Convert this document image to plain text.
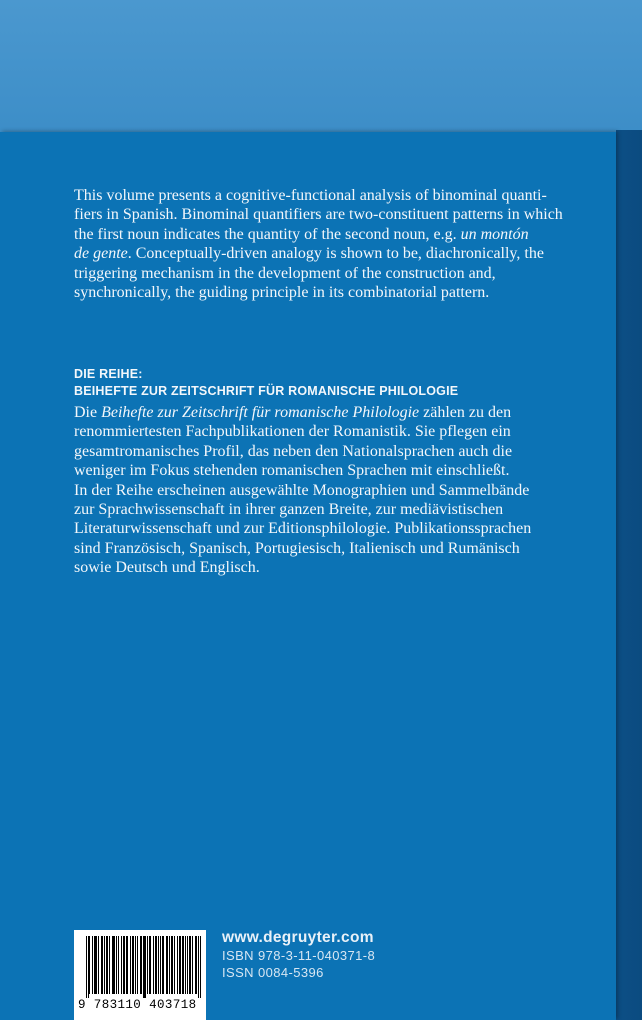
This volume presents a cognitive-functional analysis of binominal quanti-
fiers in Spanish. Binominal quantifiers are two-constituent patterns in which
the first noun indicates the quantity of the second noun, e.g. un montón
de gente. Conceptually-driven analogy is shown to be, diachronically, the
triggering mechanism in the development of the construction and,
synchronically, the guiding principle in its combinatorial pattern.
DIE REIHE:
BEIHEFTE ZUR ZEITSCHRIFT FÜR ROMANISCHE PHILOLOGIE
Die Beihefte zur Zeitschrift für romanische Philologie zählen zu den
renommiertesten Fachpublikationen der Romanistik. Sie pflegen ein
gesamtromanisches Profil, das neben den Nationalsprachen auch die
weniger im Fokus stehenden romanischen Sprachen mit einschließt.
In der Reihe erscheinen ausgewählte Monographien und Sammelbände
zur Sprachwissenschaft in ihrer ganzen Breite, zur mediävistischen
Literaturwissenschaft und zur Editionsphilologie. Publikationssprachen
sind Französisch, Spanisch, Portugiesisch, Italienisch und Rumänisch
sowie Deutsch und Englisch.
9 783110 403718
www.degruyter.com
ISBN 978-3-11-040371-8
ISSN 0084-5396
